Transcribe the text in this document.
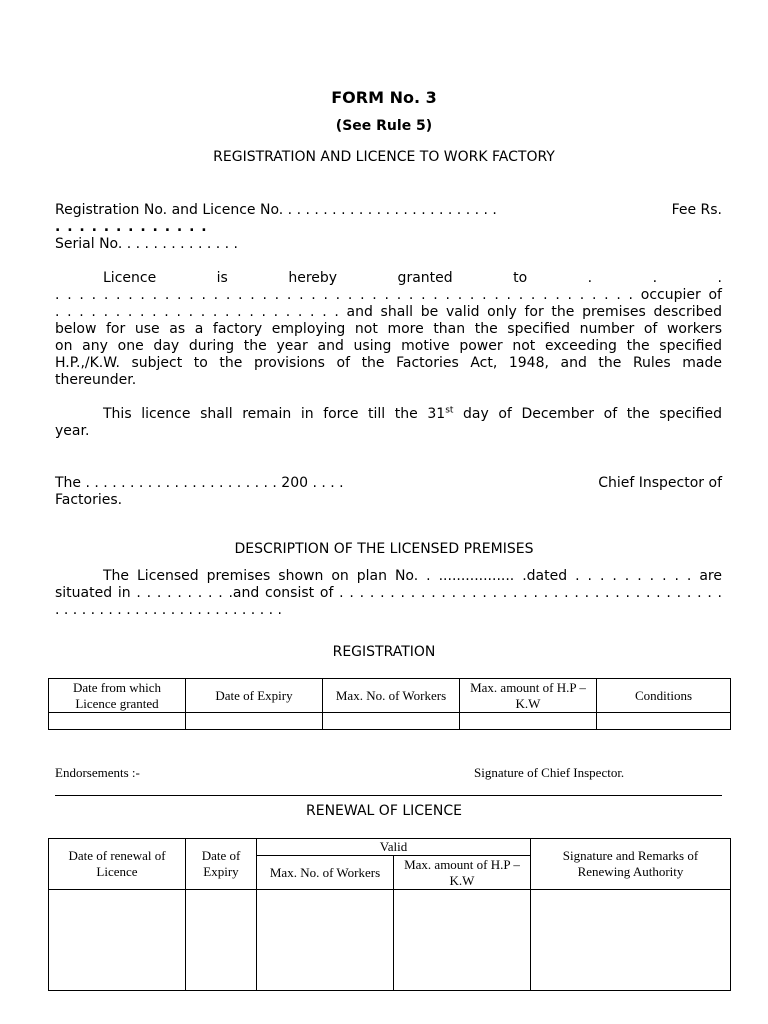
FORM No. 3
(See Rule 5)
REGISTRATION AND LICENCE TO WORK FACTORY
Registration No. and Licence No. . . . . . . . . . . . . . . . . . . . . . . . .	Fee Rs.
. . . . . . . . . . . . .
Serial No. . . . . . . . . . . . . .
Licence is hereby granted to . . .
. . . . . . . . . . . . . . . . . . . . . . . . . . . . . . . . . . . . . . . . . . . . . . . . occupier of
. . . . . . . . . . . . . . . . . . . . . . . . and shall be valid only for the premises described
below for use as a factory employing not more than the specified number of workers
on any one day during the year and using motive power not exceeding the specified
H.P.,/K.W. subject to the provisions of the Factories Act, 1948, and the Rules made
thereunder.
This licence shall remain in force till the 31st day of December of the specified
year.
The . . . . . . . . . . . . . . . . . . . . . . 200 . . . .	Chief Inspector of
Factories.
DESCRIPTION OF THE LICENSED PREMISES
The Licensed premises shown on plan No. . ................. .dated . . . . . . . . . . are
situated in . . . . . . . . . .and consist of . . . . . . . . . . . . . . . . . . . . . . . . . . . . . . . . . . . . . .
. . . . . . . . . . . . . . . . . . . . . . . . . .
REGISTRATION
Date from which Licence granted	Date of Expiry	Max. No. of Workers	Max. amount of H.P – K.W	Conditions

Endorsements :-	Signature of Chief Inspector.
RENEWAL OF LICENCE
Date of renewal of Licence	Date of Expiry	Valid		Signature and Remarks of Renewing Authority
		Max. No. of Workers	Max. amount of H.P – K.W	
